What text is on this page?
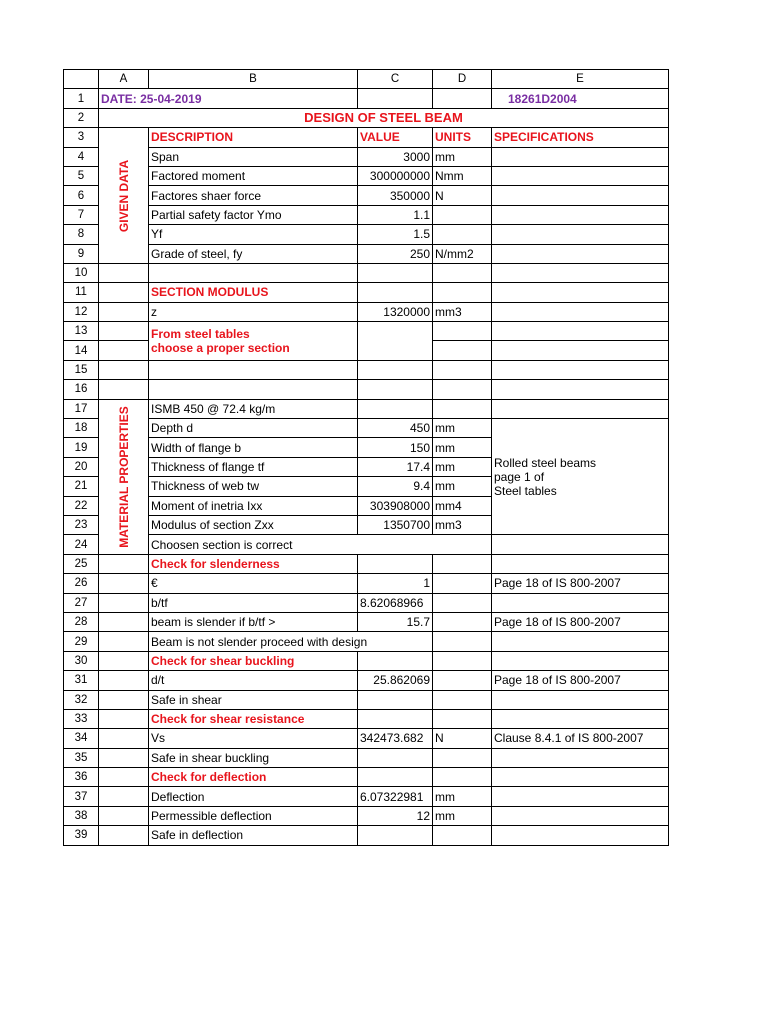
	A	B	C	D	E
1	DATE: 25-04-2019				18261D2004
2	DESIGN OF STEEL BEAM				
3	GIVEN DATA	DESCRIPTION	VALUE	UNITS	SPECIFICATIONS
4		Span	3000	mm	
5		Factored moment	300000000	Nmm	
6		Factores shaer force	350000	N	
7		Partial safety factor Ymo	1.1		
8		Yf	1.5		
9		Grade of steel, fy	250	N/mm2	
10					
11		SECTION MODULUS			
12		z	1320000	mm3	
13		From steel tables
choose a proper section			

14					
15					
16					
17	MATERIAL PROPERTIES	ISMB 450 @ 72.4 kg/m			
18		Depth d	450	mm	Rolled steel beams
page 1 of
Steel tables

19		Width of flange b	150	mm	
20		Thickness of flange tf	17.4	mm	
21		Thickness of web tw	9.4	mm	
22		Moment of inetria Ixx	303908000	mm4	
23		Modulus of section Zxx	1350700	mm3	
24		Choosen section is correct			
25		Check for slenderness			
26		€	1		Page 18 of IS 800-2007
27		b/tf	8.62068966		
28		beam is slender if b/tf >	15.7		Page 18 of IS 800-2007
29		Beam is not slender proceed with design			
30		Check for shear buckling			
31		d/t	25.862069		Page 18 of IS 800-2007
32		Safe in shear			
33		Check for shear resistance			
34		Vs	342473.682	N	Clause 8.4.1 of IS 800-2007
35		Safe in shear buckling			
36		Check for deflection			
37		Deflection	6.07322981	mm	
38		Permessible deflection	12	mm	
39		Safe in deflection			
